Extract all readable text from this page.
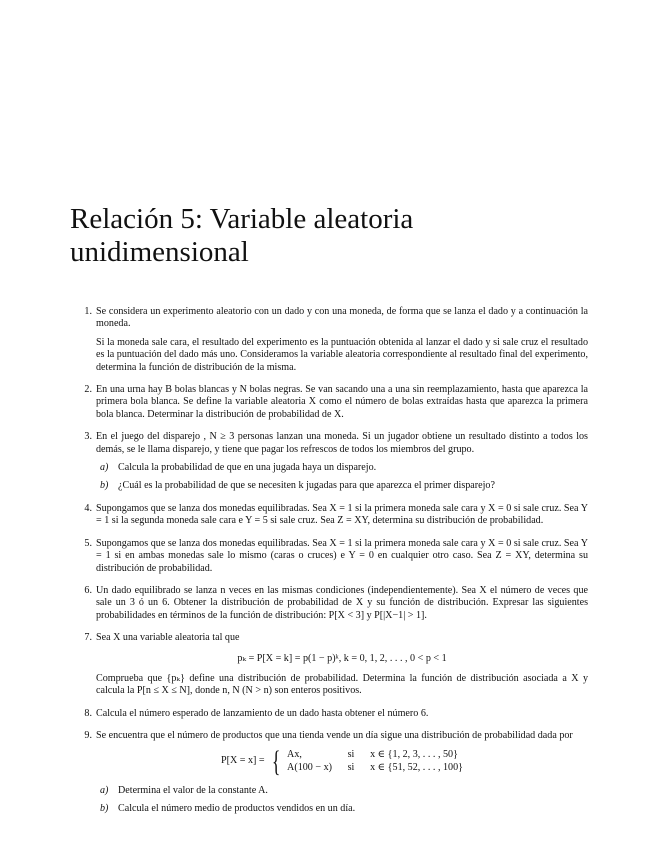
Relación 5: Variable aleatoria
unidimensional
1. Se considera un experimento aleatorio con un dado y con una moneda, de forma que se lanza el dado y a continuación la moneda.

Si la moneda sale cara, el resultado del experimento es la puntuación obtenida al lanzar el dado y si sale cruz el resultado es la puntuación del dado más uno. Consideramos la variable aleatoria correspondiente al resultado final del experimento, determina la función de distribución de la misma.

2. En una urna hay B bolas blancas y N bolas negras. Se van sacando una a una sin reemplazamiento, hasta que aparezca la primera bola blanca. Se define la variable aleatoria X como el número de bolas extraídas hasta que aparezca la primera bola blanca. Determinar la distribución de probabilidad de X.

3. En el juego del disparejo , N ≥ 3 personas lanzan una moneda. Si un jugador obtiene un resultado distinto a todos los demás, se le llama disparejo, y tiene que pagar los refrescos de todos los miembros del grupo.

a) Calcula la probabilidad de que en una jugada haya un disparejo.
b) ¿Cuál es la probabilidad de que se necesiten k jugadas para que aparezca el primer disparejo?
4. Supongamos que se lanza dos monedas equilibradas. Sea X = 1 si la primera moneda sale cara y X = 0 si sale cruz. Sea Y = 1 si la segunda moneda sale cara e Y = 5 si sale cruz. Sea Z = XY, determina su distribución de probabilidad.

5. Supongamos que se lanza dos monedas equilibradas. Sea X = 1 si la primera moneda sale cara y X = 0 si sale cruz. Sea Y = 1 si en ambas monedas sale lo mismo (caras o cruces) e Y = 0 en cualquier otro caso. Sea Z = XY, determina su distribución de probabilidad.

6. Un dado equilibrado se lanza n veces en las mismas condiciones (independientemente). Sea X el número de veces que sale un 3 ó un 6. Obtener la distribución de probabilidad de X y su función de distribución. Expresar las siguientes probabilidades en términos de la función de distribución: P[X < 3] y P[|X−1| > 1].

7. Sea X una variable aleatoria tal que

pₖ = P[X = k] = p(1 − p)ᵏ, k = 0, 1, 2, . . . , 0 < p < 1

Comprueba que {pₖ} define una distribución de probabilidad. Determina la función de distribución asociada a X y calcula la P[n ≤ X ≤ N], donde n, N (N > n) son enteros positivos.

8. Calcula el número esperado de lanzamiento de un dado hasta obtener el número 6.

9. Se encuentra que el número de productos que una tienda vende un día sigue una distribución de probabilidad dada por

P[X = x] = { Ax,	si x ∈ {1, 2, 3, . . . , 50}
A(100 − x) si x ∈ {51, 52, . . . , 100}
a) Determina el valor de la constante A.
b) Calcula el número medio de productos vendidos en un día.
